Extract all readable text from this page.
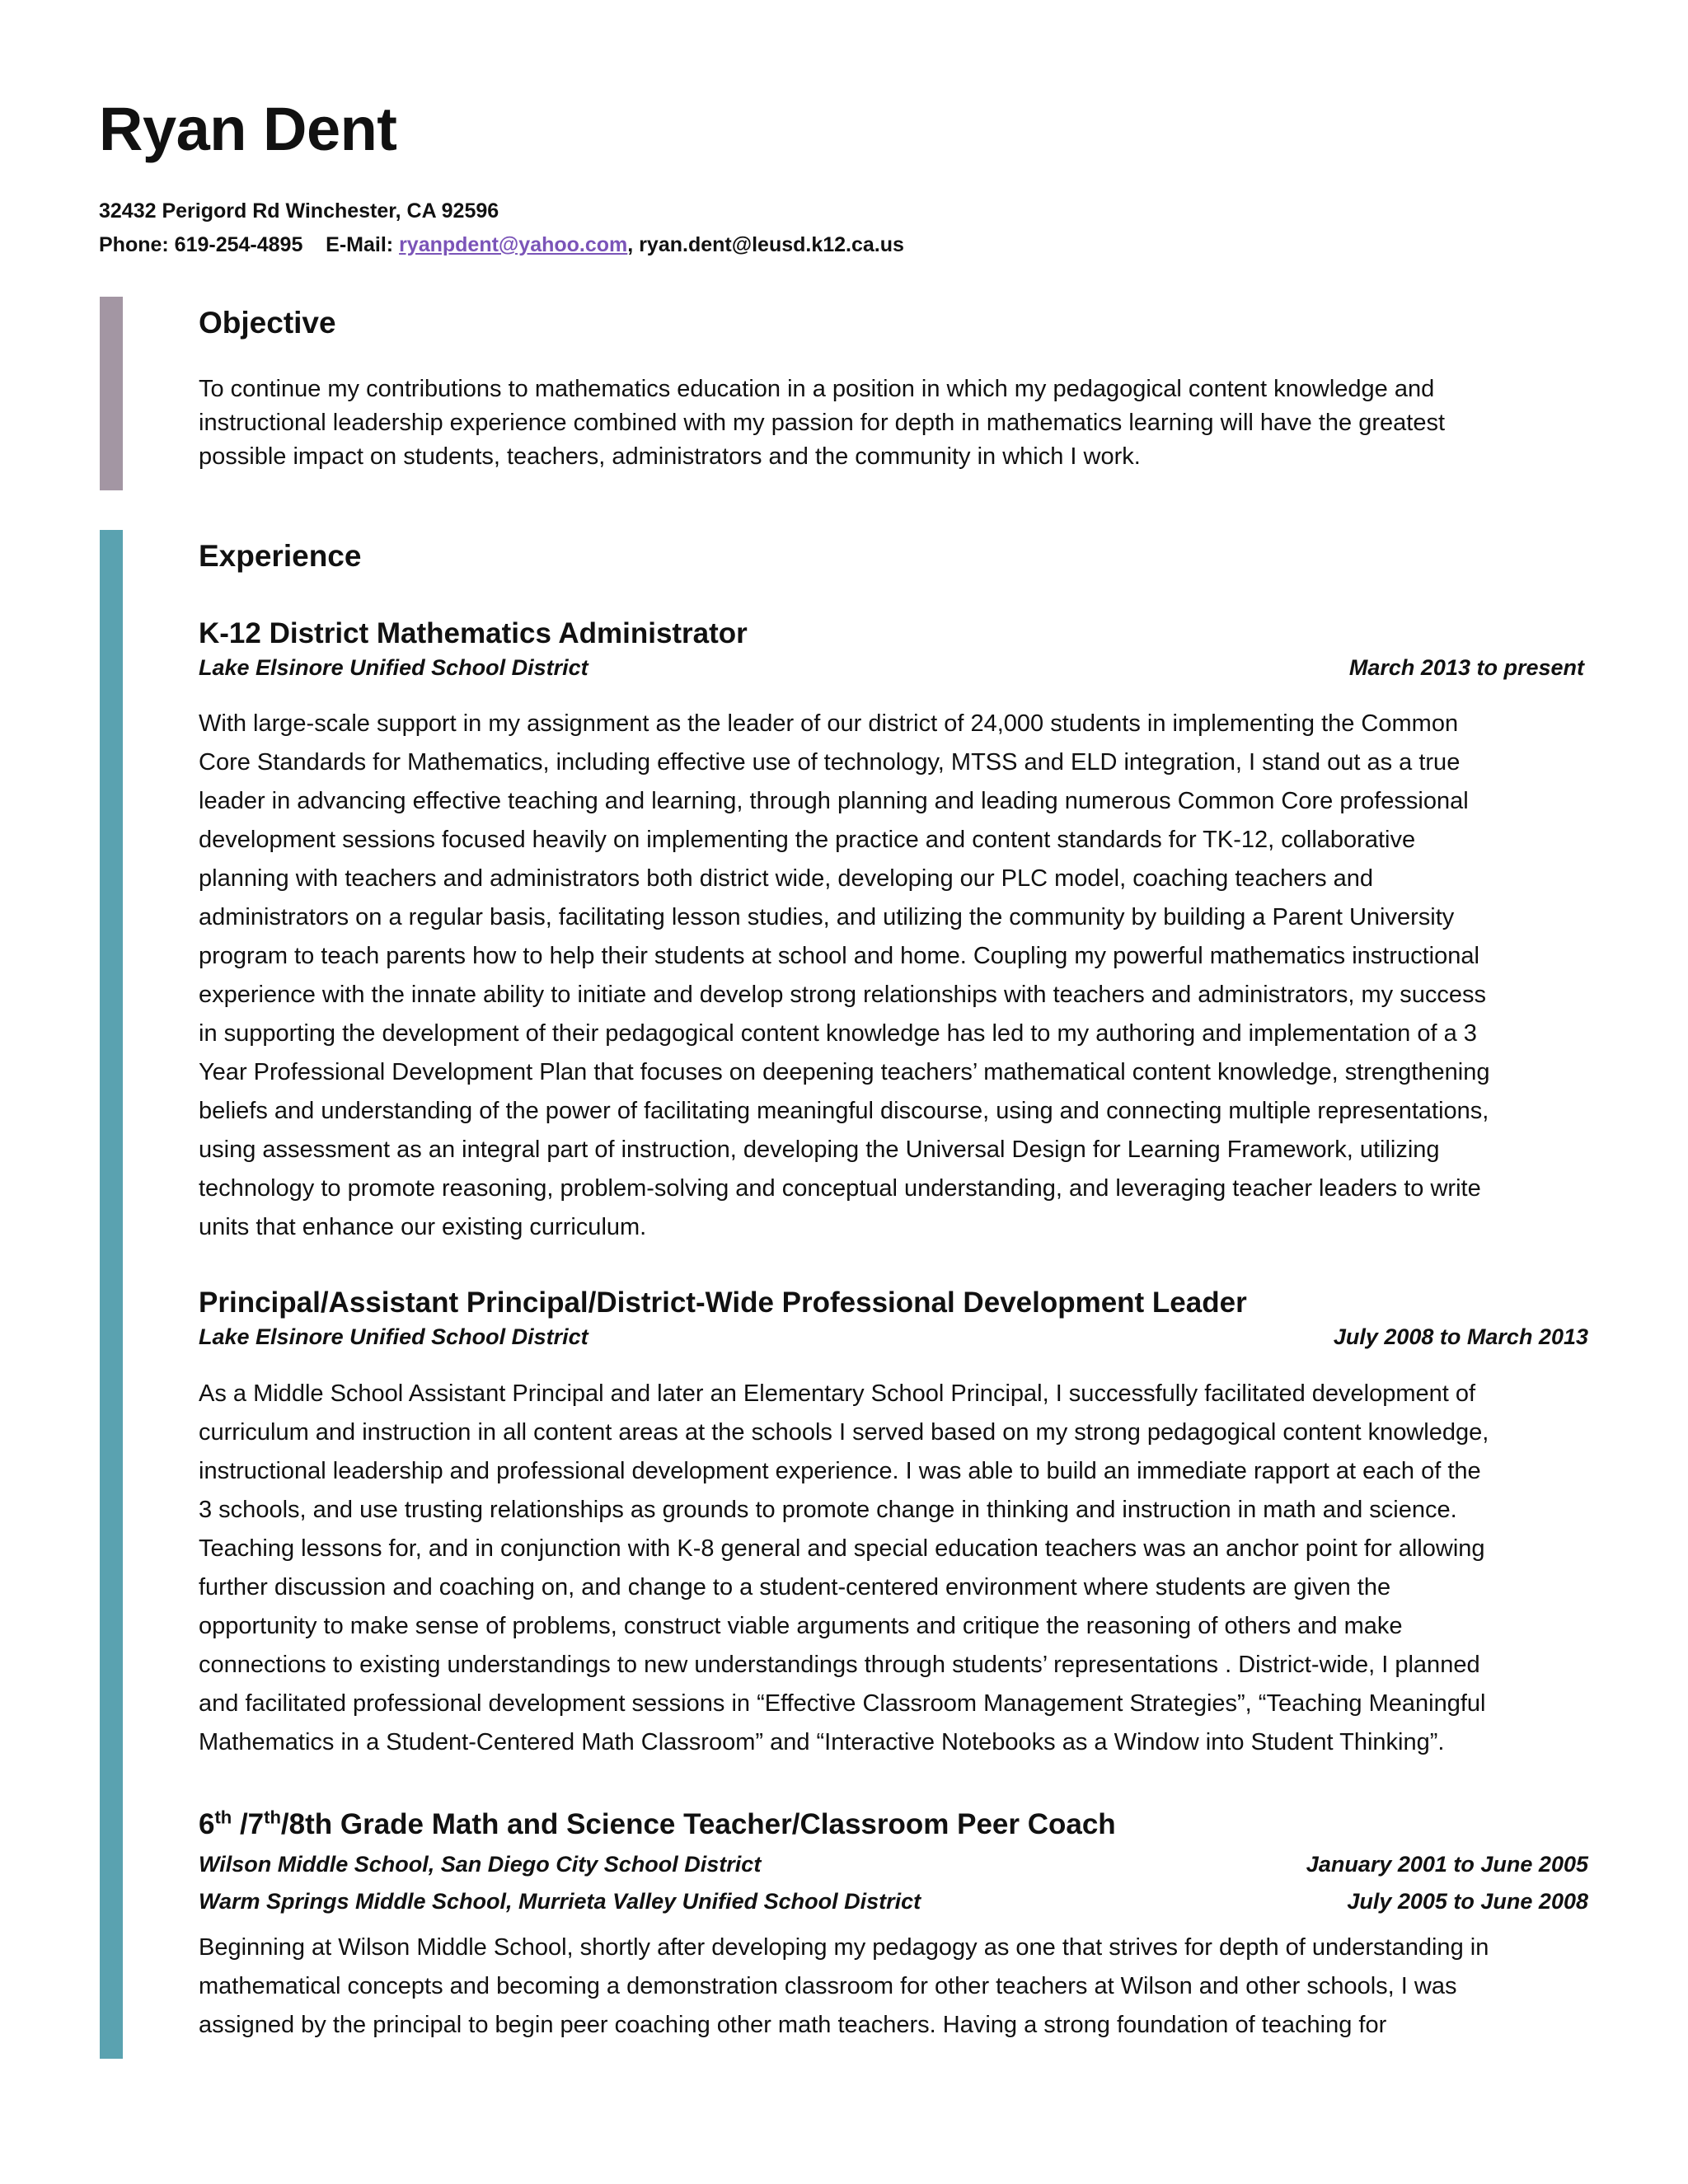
Ryan Dent
32432 Perigord Rd Winchester, CA 92596
Phone: 619-254-4895 E-Mail: ryanpdent@yahoo.com, ryan.dent@leusd.k12.ca.us
Objective

To continue my contributions to mathematics education in a position in which my pedagogical content knowledge and

instructional leadership experience combined with my passion for depth in mathematics learning will have the greatest

possible impact on students, teachers, administrators and the community in which I work.

Experience
K-12 District Mathematics Administrator
Lake Elsinore Unified School District	March 2013 to present

With large-scale support in my assignment as the leader of our district of 24,000 students in implementing the Common

Core Standards for Mathematics, including effective use of technology, MTSS and ELD integration, I stand out as a true

leader in advancing effective teaching and learning, through planning and leading numerous Common Core professional

development sessions focused heavily on implementing the practice and content standards for TK-12, collaborative

planning with teachers and administrators both district wide, developing our PLC model, coaching teachers and

administrators on a regular basis, facilitating lesson studies, and utilizing the community by building a Parent University

program to teach parents how to help their students at school and home. Coupling my powerful mathematics instructional

experience with the innate ability to initiate and develop strong relationships with teachers and administrators, my success

in supporting the development of their pedagogical content knowledge has led to my authoring and implementation of a 3

Year Professional Development Plan that focuses on deepening teachers’ mathematical content knowledge, strengthening

beliefs and understanding of the power of facilitating meaningful discourse, using and connecting multiple representations,

using assessment as an integral part of instruction, developing the Universal Design for Learning Framework, utilizing

technology to promote reasoning, problem-solving and conceptual understanding, and leveraging teacher leaders to write

units that enhance our existing curriculum.

Principal/Assistant Principal/District-Wide Professional Development Leader
Lake Elsinore Unified School District	July 2008 to March 2013

As a Middle School Assistant Principal and later an Elementary School Principal, I successfully facilitated development of

curriculum and instruction in all content areas at the schools I served based on my strong pedagogical content knowledge,

instructional leadership and professional development experience. I was able to build an immediate rapport at each of the

3 schools, and use trusting relationships as grounds to promote change in thinking and instruction in math and science.

Teaching lessons for, and in conjunction with K-8 general and special education teachers was an anchor point for allowing

further discussion and coaching on, and change to a student-centered environment where students are given the

opportunity to make sense of problems, construct viable arguments and critique the reasoning of others and make

connections to existing understandings to new understandings through students’ representations . District-wide, I planned

and facilitated professional development sessions in “Effective Classroom Management Strategies”, “Teaching Meaningful

Mathematics in a Student-Centered Math Classroom” and “Interactive Notebooks as a Window into Student Thinking”.

6th /7th/8th Grade Math and Science Teacher/Classroom Peer Coach
Wilson Middle School, San Diego City School District	January 2001 to June 2005
Warm Springs Middle School, Murrieta Valley Unified School District	July 2005 to June 2008

Beginning at Wilson Middle School, shortly after developing my pedagogy as one that strives for depth of understanding in

mathematical concepts and becoming a demonstration classroom for other teachers at Wilson and other schools, I was

assigned by the principal to begin peer coaching other math teachers. Having a strong foundation of teaching for
